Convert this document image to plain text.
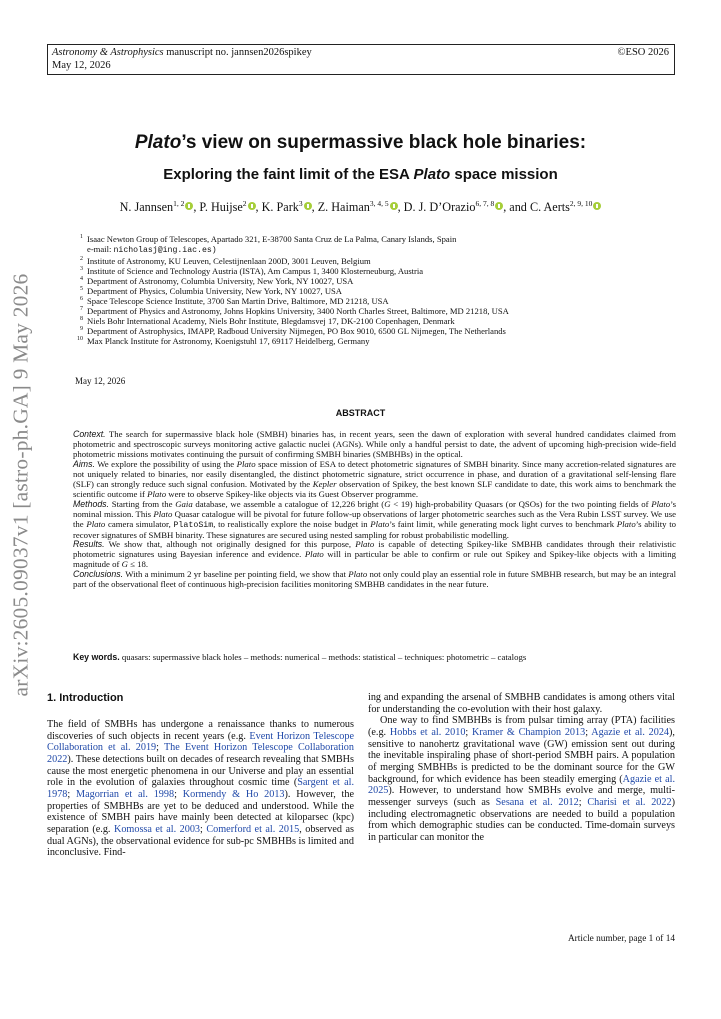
Astronomy & Astrophysics manuscript no. jannsen2026spikey
May 12, 2026
©ESO 2026
arXiv:2605.09037v1 [astro-ph.GA] 9 May 2026
Plato’s view on supermassive black hole binaries:
Exploring the faint limit of the ESA Plato space mission
N. Jannsen$^{1, 2}$ , P. Huijse$^2$ , K. Park$^3$ , Z. Haiman$^{3, 4, 5}$ , D. J. D’Orazio$^{6, 7, 8}$ , and C. Aerts$^{2, 9, 10}$
1 Isaac Newton Group of Telescopes, Apartado 321, E-38700 Santa Cruz de La Palma, Canary Islands, Spain
e-mail: nicholasj@ing.iac.es)
2 Institute of Astronomy, KU Leuven, Celestijnenlaan 200D, 3001 Leuven, Belgium
3 Institute of Science and Technology Austria (ISTA), Am Campus 1, 3400 Klosterneuburg, Austria
4 Department of Astronomy, Columbia University, New York, NY 10027, USA
5 Department of Physics, Columbia University, New York, NY 10027, USA
6 Space Telescope Science Institute, 3700 San Martin Drive, Baltimore, MD 21218, USA
7 Department of Physics and Astronomy, Johns Hopkins University, 3400 North Charles Street, Baltimore, MD 21218, USA
8 Niels Bohr International Academy, Niels Bohr Institute, Blegdamsvej 17, DK-2100 Copenhagen, Denmark
9 Department of Astrophysics, IMAPP, Radboud University Nijmegen, PO Box 9010, 6500 GL Nijmegen, The Netherlands
10 Max Planck Institute for Astronomy, Koenigstuhl 17, 69117 Heidelberg, Germany
May 12, 2026
ABSTRACT

Context. The search for supermassive black hole (SMBH) binaries has, in recent years, seen the dawn of exploration with several hundred candidates claimed from photometric and spectroscopic surveys monitoring active galactic nuclei (AGNs). While only a handful persist to date, the advent of upcoming high-precision wide-field photometric missions motivates continuing the pursuit of confirming SMBH binaries (SMBHBs) in the optical.

Aims. We explore the possibility of using the Plato space mission of ESA to detect photometric signatures of SMBH binarity. Since many accretion-related signatures are not uniquely related to binaries, nor easily disentangled, the distinct photometric signature, strict occurrence in phase, and duration of a gravitational self-lensing flare (SLF) can strongly reduce such signal confusion. Motivated by the Kepler observation of Spikey, the best known SLF candidate to date, this work aims to benchmark the scientific outcome if Plato were to observe Spikey-like objects via its Guest Observer programme.

Methods. Starting from the Gaia database, we assemble a catalogue of 12,226 bright (G < 19) high-probability Quasars (or QSOs) for the two pointing fields of Plato’s nominal mission. This Plato Quasar catalogue will be pivotal for future follow-up observations of larger photometric searches such as the Vera Rubin LSST survey. We use the Plato camera simulator, PlatoSim, to realistically explore the noise budget in Plato’s faint limit, while generating mock light curves to benchmark Plato’s ability to recover signatures of SMBH binarity. These signatures are secured using nested sampling for robust probabilistic modelling.

Results. We show that, although not originally designed for this purpose, Plato is capable of detecting Spikey-like SMBHB candidates through their relativistic photometric signatures using Bayesian inference and evidence. Plato will in particular be able to confirm or rule out Spikey and Spikey-like objects with a limiting magnitude of G ≤ 18.

Conclusions. With a minimum 2 yr baseline per pointing field, we show that Plato not only could play an essential role in future SMBHB research, but may be an integral part of the observational fleet of continuous high-precision facilities monitoring SMBHB candidates in the near future.

Key words. quasars: supermassive black holes – methods: numerical – methods: statistical – techniques: photometric – catalogs
1. Introduction

The field of SMBHs has undergone a renaissance thanks to numerous discoveries of such objects in recent years (e.g. Event Horizon Telescope Collaboration et al. 2019; The Event Horizon Telescope Collaboration 2022). These detections built on decades of research revealing that SMBHs cause the most energetic phenomena in our Universe and play an essential role in the evolution of galaxies throughout cosmic time (Sargent et al. 1978; Magorrian et al. 1998; Kormendy & Ho 2013). However, the properties of SMBHBs are yet to be deduced and understood. While the existence of SMBH pairs have mainly been detected at kiloparsec (kpc) separation (e.g. Komossa et al. 2003; Comerford et al. 2015, observed as dual AGNs), the observational evidence for sub-pc SMBHBs is limited and inconclusive. Find-

ing and expanding the arsenal of SMBHB candidates is among others vital for understanding the co-evolution with their host galaxy.

One way to find SMBHBs is from pulsar timing array (PTA) facilities (e.g. Hobbs et al. 2010; Kramer & Champion 2013; Agazie et al. 2024), sensitive to nanohertz gravitational wave (GW) emission sent out during the inevitable inspiraling phase of short-period SMBH pairs. A population of merging SMBHBs is predicted to be the dominant source for the GW background, for which evidence has been steadily emerging (Agazie et al. 2025). However, to understand how SMBHs evolve and merge, multi-messenger surveys (such as Sesana et al. 2012; Charisi et al. 2022) including electromagnetic observations are needed to build a population from which demographic studies can be conducted. Time-domain surveys in particular can monitor the

Article number, page 1 of 14
